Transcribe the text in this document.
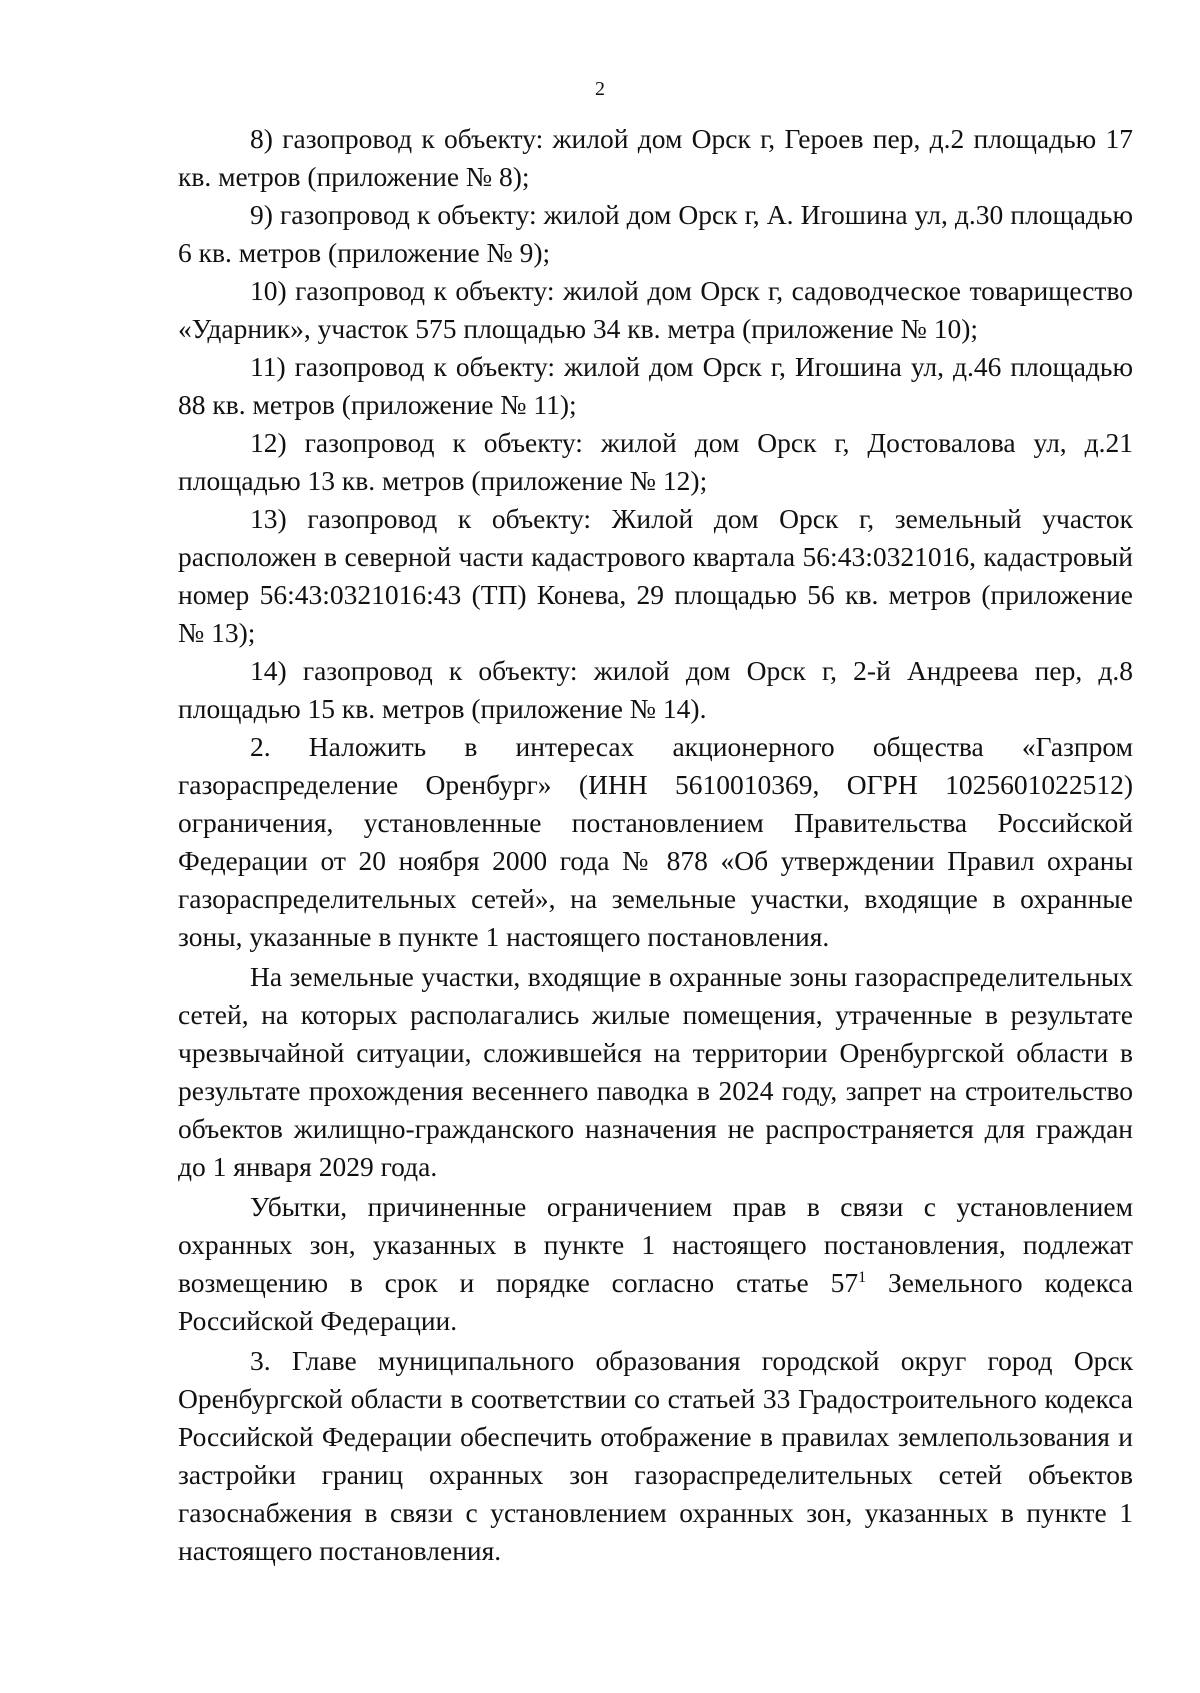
2

8) газопровод к объекту: жилой дом Орск г, Героев пер, д.2 площадью 17 кв. метров (приложение № 8);

9) газопровод к объекту: жилой дом Орск г, А. Игошина ул, д.30 площадью 6 кв. метров (приложение № 9);

10) газопровод к объекту: жилой дом Орск г, садоводческое товарищество «Ударник», участок 575 площадью 34 кв. метра (приложение № 10);

11) газопровод к объекту: жилой дом Орск г, Игошина ул, д.46 площадью 88 кв. метров (приложение № 11);

12) газопровод к объекту: жилой дом Орск г, Достовалова ул, д.21 площадью 13 кв. метров (приложение № 12);

13) газопровод к объекту: Жилой дом Орск г, земельный участок расположен в северной части кадастрового квартала 56:43:0321016, кадастровый номер 56:43:0321016:43 (ТП) Конева, 29 площадью 56 кв. метров (приложение № 13);

14) газопровод к объекту: жилой дом Орск г, 2-й Андреева пер, д.8 площадью 15 кв. метров (приложение № 14).

2. Наложить в интересах акционерного общества «Газпром газораспределение Оренбург» (ИНН 5610010369, ОГРН 1025601022512) ограничения, установленные постановлением Правительства Российской Федерации от 20 ноября 2000 года № 878 «Об утверждении Правил охраны газораспределительных сетей», на земельные участки, входящие в охранные зоны, указанные в пункте 1 настоящего постановления.

На земельные участки, входящие в охранные зоны газораспределительных сетей, на которых располагались жилые помещения, утраченные в результате чрезвычайной ситуации, сложившейся на территории Оренбургской области в результате прохождения весеннего паводка в 2024 году, запрет на строительство объектов жилищно-гражданского назначения не распространяется для граждан до 1 января 2029 года.

Убытки, причиненные ограничением прав в связи с установлением охранных зон, указанных в пункте 1 настоящего постановления, подлежат возмещению в срок и порядке согласно статье $57^1$ Земельного кодекса Российской Федерации.

3. Главе муниципального образования городской округ город Орск Оренбургской области в соответствии со статьей 33 Градостроительного кодекса Российской Федерации обеспечить отображение в правилах землепользования и застройки границ охранных зон газораспределительных сетей объектов газоснабжения в связи с установлением охранных зон, указанных в пункте 1 настоящего постановления.
